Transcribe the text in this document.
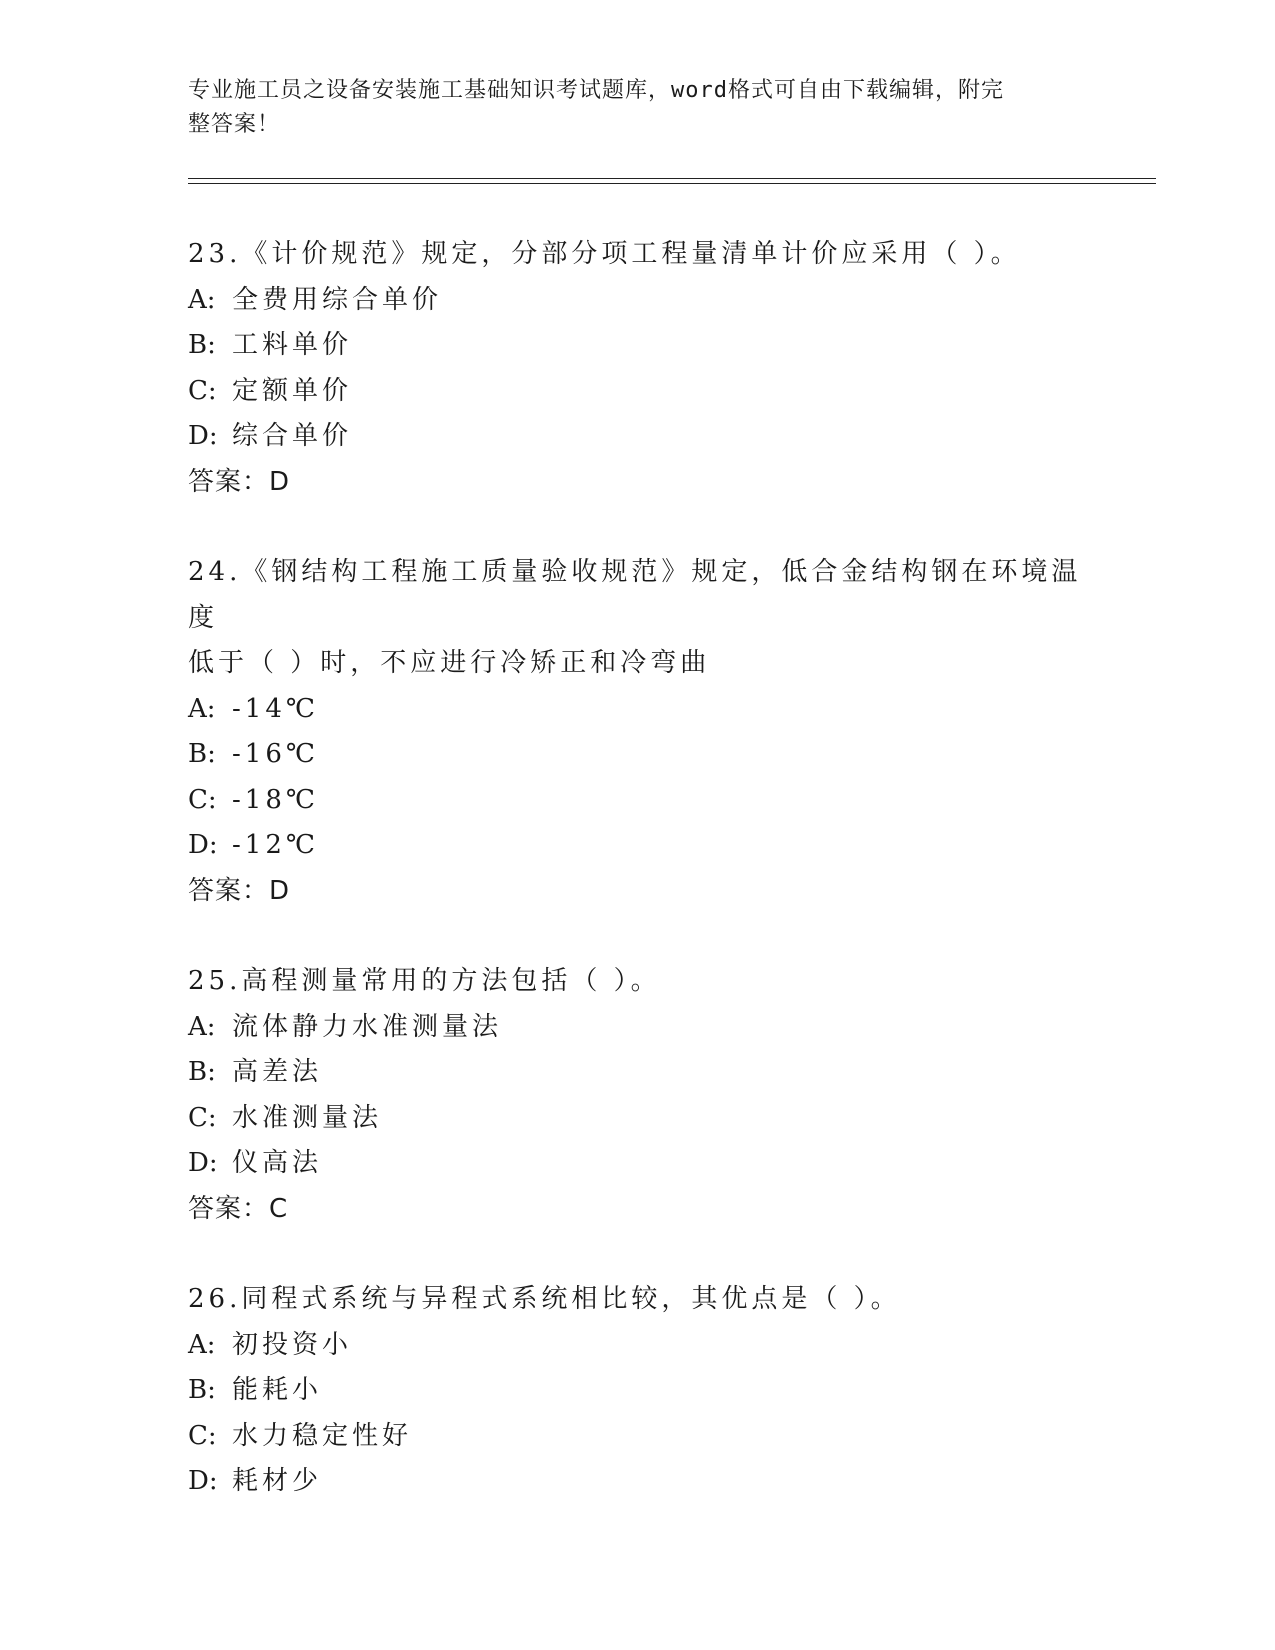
专业施工员之设备安装施工基础知识考试题库，word格式可自由下载编辑，附完
整答案！
23.《计价规范》规定，分部分项工程量清单计价应采用（ ）。
A: 全费用综合单价
B: 工料单价
C: 定额单价
D: 综合单价
答案：D
24.《钢结构工程施工质量验收规范》规定，低合金结构钢在环境温度
低于（ ）时，不应进行冷矫正和冷弯曲
A: -14℃
B: -16℃
C: -18℃
D: -12℃
答案：D
25.高程测量常用的方法包括（ ）。
A: 流体静力水准测量法
B: 高差法
C: 水准测量法
D: 仪高法
答案：C
26.同程式系统与异程式系统相比较，其优点是（ ）。
A: 初投资小
B: 能耗小
C: 水力稳定性好
D: 耗材少
